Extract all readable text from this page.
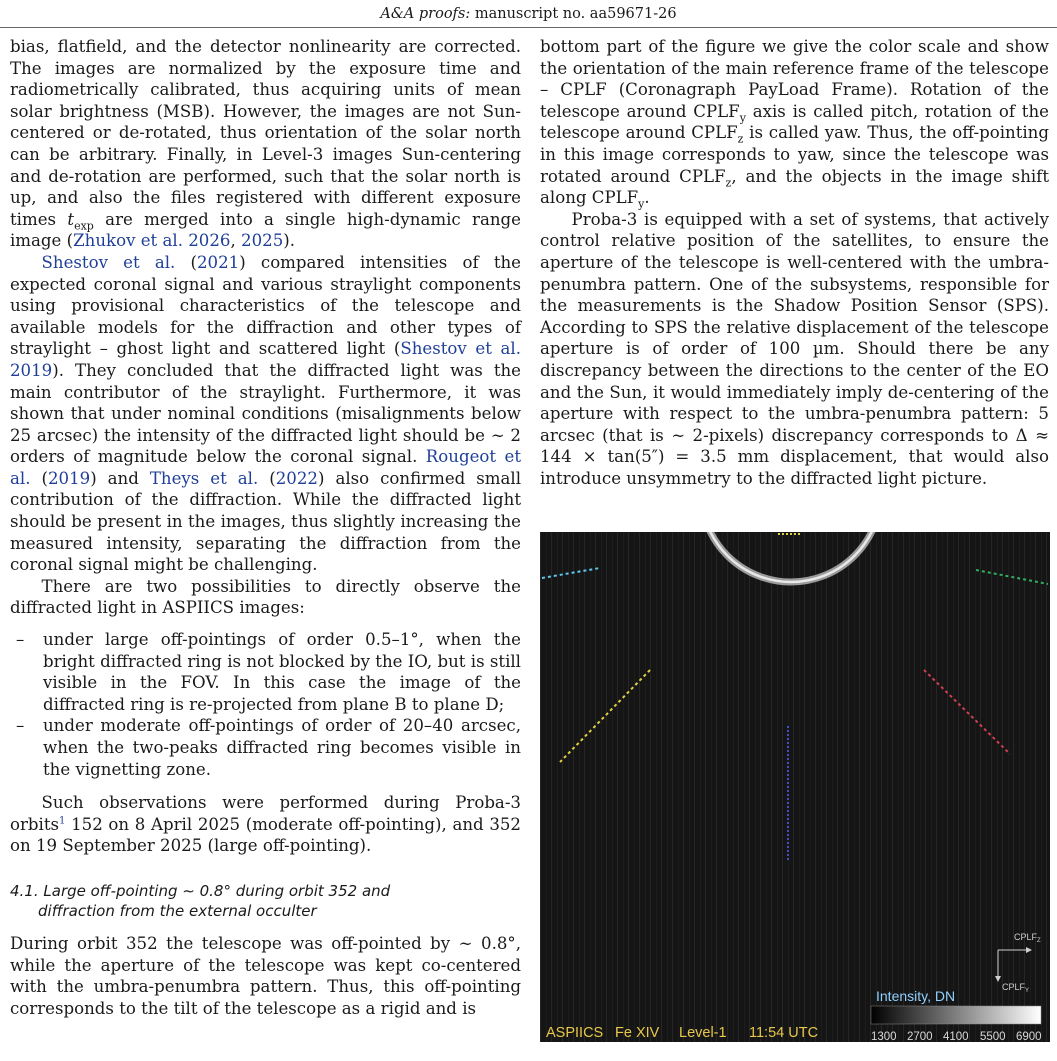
A&A proofs: manuscript no. aa59671-26

bias, flatfield, and the detector nonlinearity are corrected. The images are normalized by the exposure time and radiometrically calibrated, thus acquiring units of mean solar brightness (MSB). However, the images are not Sun-centered or de-rotated, thus orientation of the solar north can be arbitrary. Finally, in Level-3 images Sun-centering and de-rotation are performed, such that the solar north is up, and also the files registered with different exposure times $t_{exp}$ are merged into a single high-dynamic range image (Zhukov et al. 2026, 2025).

Shestov et al. (2021) compared intensities of the expected coronal signal and various straylight components using provisional characteristics of the telescope and available models for the diffraction and other types of straylight – ghost light and scattered light (Shestov et al. 2019). They concluded that the diffracted light was the main contributor of the straylight. Furthermore, it was shown that under nominal conditions (misalignments below 25 arcsec) the intensity of the diffracted light should be ∼ 2 orders of magnitude below the coronal signal. Rougeot et al. (2019) and Theys et al. (2022) also confirmed small contribution of the diffraction. While the diffracted light should be present in the images, thus slightly increasing the measured intensity, separating the diffraction from the coronal signal might be challenging.

There are two possibilities to directly observe the diffracted light in ASPIICS images:

– under large off-pointings of order 0.5–1°, when the bright diffracted ring is not blocked by the IO, but is still visible in the FOV. In this case the image of the diffracted ring is re-projected from plane B to plane D;
– under moderate off-pointings of order of 20–40 arcsec, when the two-peaks diffracted ring becomes visible in the vignetting zone.

Such observations were performed during Proba-3 orbits$^1$ 152 on 8 April 2025 (moderate off-pointing), and 352 on 19 September 2025 (large off-pointing).

4.1. Large off-pointing ∼ 0.8° during orbit 352 and
diffraction from the external occulter

During orbit 352 the telescope was off-pointed by ∼ 0.8°, while the aperture of the telescope was kept co-centered with the umbra-penumbra pattern. Thus, this off-pointing corresponds to the tilt of the telescope as a rigid and is

bottom part of the figure we give the color scale and show the orientation of the main reference frame of the telescope – CPLF (Coronagraph PayLoad Frame). Rotation of the telescope around $CPLF_y$ axis is called pitch, rotation of the telescope around $CPLF_z$ is called yaw. Thus, the off-pointing in this image corresponds to yaw, since the telescope was rotated around $CPLF_z$, and the objects in the image shift along $CPLF_y$.

Proba-3 is equipped with a set of systems, that actively control relative position of the satellites, to ensure the aperture of the telescope is well-centered with the umbra-penumbra pattern. One of the subsystems, responsible for the measurements is the Shadow Position Sensor (SPS). According to SPS the relative displacement of the telescope aperture is of order of 100 µm. Should there be any discrepancy between the directions to the center of the EO and the Sun, it would immediately imply de-centering of the aperture with respect to the umbra-penumbra pattern: 5 arcsec (that is ∼ 2-pixels) discrepancy corresponds to Δ ≈ 144 × tan(5″) = 3.5 mm displacement, that would also introduce unsymmetry to the diffracted light picture.

$CPLF_Z$
$CPLF_Y$
Intensity, DN
1300 2700 4100 5500 6900
ASPIICS Fe XIV Level-1 11:54 UTC
